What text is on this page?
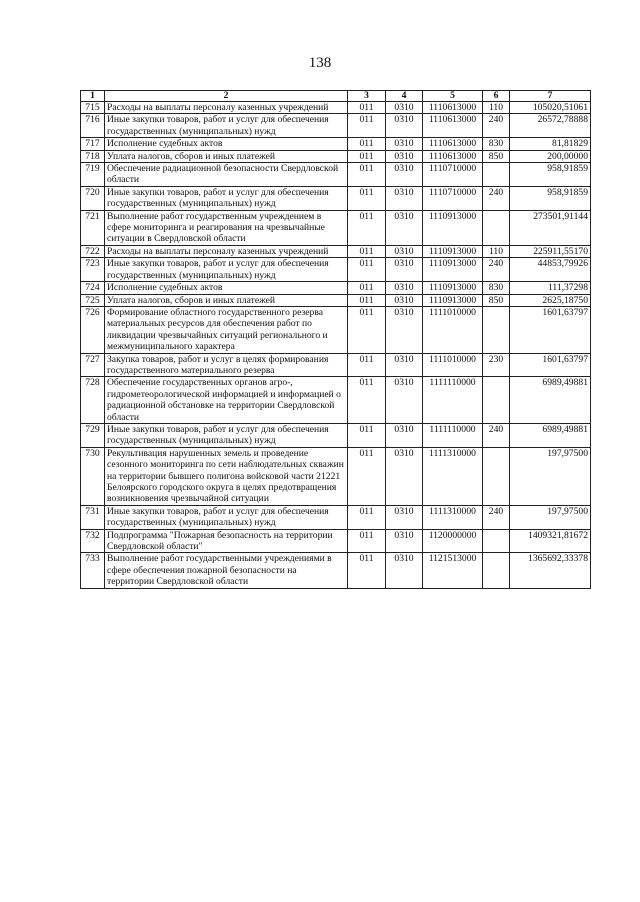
138
1	2	3	4	5	6	7
715	Расходы на выплаты персоналу казенных учреждений	011	0310	1110613000	110	105020,51061
716	Иные закупки товаров, работ и услуг для обеспечения государственных (муниципальных) нужд	011	0310	1110613000	240	26572,78888
717	Исполнение судебных актов	011	0310	1110613000	830	81,81829
718	Уплата налогов, сборов и иных платежей	011	0310	1110613000	850	200,00000
719	Обеспечение радиационной безопасности Свердловской области	011	0310	1110710000		958,91859
720	Иные закупки товаров, работ и услуг для обеспечения государственных (муниципальных) нужд	011	0310	1110710000	240	958,91859
721	Выполнение работ государственным учреждением в сфере мониторинга и реагирования на чрезвычайные ситуации в Свердловской области	011	0310	1110913000		273501,91144
722	Расходы на выплаты персоналу казенных учреждений	011	0310	1110913000	110	225911,55170
723	Иные закупки товаров, работ и услуг для обеспечения государственных (муниципальных) нужд	011	0310	1110913000	240	44853,79926
724	Исполнение судебных актов	011	0310	1110913000	830	111,37298
725	Уплата налогов, сборов и иных платежей	011	0310	1110913000	850	2625,18750
726	Формирование областного государственного резерва материальных ресурсов для обеспечения работ по ликвидации чрезвычайных ситуаций регионального и межмуниципального характера	011	0310	1111010000		1601,63797
727	Закупка товаров, работ и услуг в целях формирования государственного материального резерва	011	0310	1111010000	230	1601,63797
728	Обеспечение государственных органов агро-, гидрометеорологической информацией и информацией о радиационной обстановке на территории Свердловской области	011	0310	1111110000		6989,49881
729	Иные закупки товаров, работ и услуг для обеспечения государственных (муниципальных) нужд	011	0310	1111110000	240	6989,49881
730	Рекультивация нарушенных земель и проведение сезонного мониторинга по сети наблюдательных скважин на территории бывшего полигона войсковой части 21221 Белоярского городского округа в целях предотвращения возникновения чрезвычайной ситуации	011	0310	1111310000		197,97500
731	Иные закупки товаров, работ и услуг для обеспечения государственных (муниципальных) нужд	011	0310	1111310000	240	197,97500
732	Подпрограмма "Пожарная безопасность на территории Свердловской области"	011	0310	1120000000		1409321,81672
733	Выполнение работ государственными учреждениями в сфере обеспечения пожарной безопасности на территории Свердловской области	011	0310	1121513000		1365692,33378
